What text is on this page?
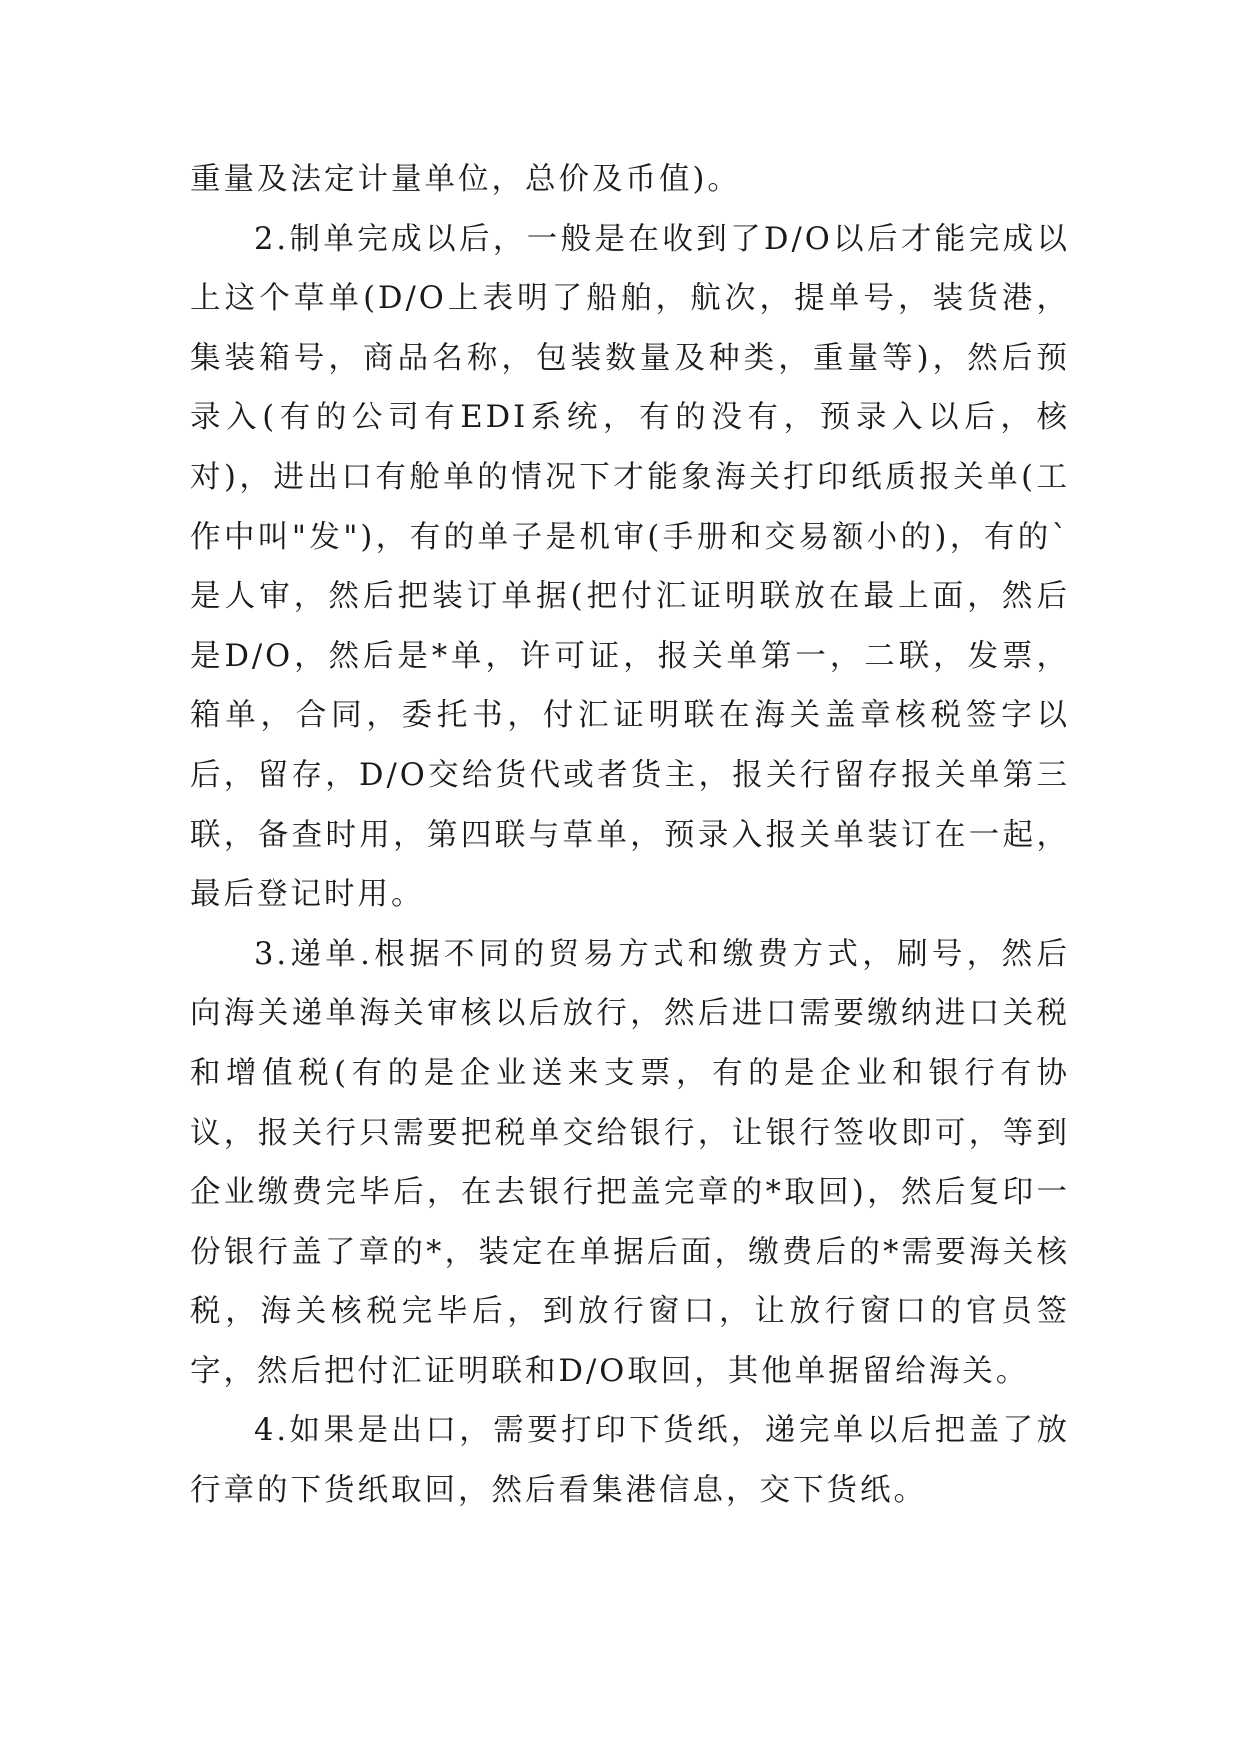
重量及法定计量单位，总价及币值)。

2.制单完成以后，一般是在收到了D/O以后才能完成以上这个草单(D/O上表明了船舶，航次，提单号，装货港，集装箱号，商品名称，包装数量及种类，重量等)，然后预录入(有的公司有EDI系统，有的没有，预录入以后，核对)，进出口有舱单的情况下才能象海关打印纸质报关单(工作中叫"发")，有的单子是机审(手册和交易额小的)，有的`是人审，然后把装订单据(把付汇证明联放在最上面，然后是D/O，然后是*单，许可证，报关单第一，二联，发票，箱单，合同，委托书，付汇证明联在海关盖章核税签字以后，留存，D/O交给货代或者货主，报关行留存报关单第三联，备查时用，第四联与草单，预录入报关单装订在一起，最后登记时用。

3.递单.根据不同的贸易方式和缴费方式，刷号，然后向海关递单海关审核以后放行，然后进口需要缴纳进口关税和增值税(有的是企业送来支票，有的是企业和银行有协议，报关行只需要把税单交给银行，让银行签收即可，等到企业缴费完毕后，在去银行把盖完章的*取回)，然后复印一份银行盖了章的*，装定在单据后面，缴费后的*需要海关核税，海关核税完毕后，到放行窗口，让放行窗口的官员签字，然后把付汇证明联和D/O取回，其他单据留给海关。

4.如果是出口，需要打印下货纸，递完单以后把盖了放行章的下货纸取回，然后看集港信息，交下货纸。
